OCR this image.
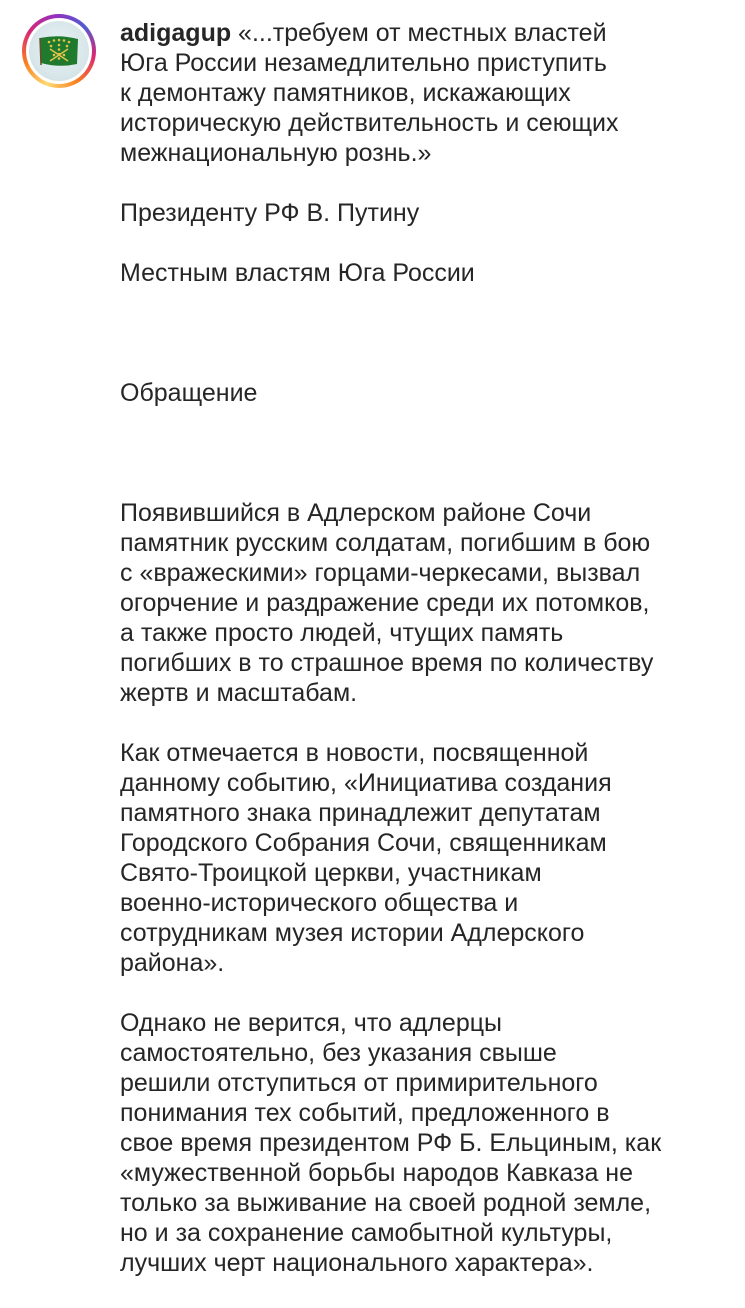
adigagup «...требуем от местных властей
Юга России незамедлительно приступить
к демонтажу памятников, искажающих
историческую действительность и сеющих
межнациональную рознь.»

Президенту РФ В. Путину

Местным властям Юга России

Обращение

Появившийся в Адлерском районе Сочи
памятник русским солдатам, погибшим в бою
с «вражескими» горцами-черкесами, вызвал
огорчение и раздражение среди их потомков,
а также просто людей, чтущих память
погибших в то страшное время по количеству
жертв и масштабам.

Как отмечается в новости, посвященной
данному событию, «Инициатива создания
памятного знака принадлежит депутатам
Городского Собрания Сочи, священникам
Свято-Троицкой церкви, участникам
военно-исторического общества и
сотрудникам музея истории Адлерского
района».

Однако не верится, что адлерцы
самостоятельно, без указания свыше
решили отступиться от примирительного
понимания тех событий, предложенного в
свое время президентом РФ Б. Ельциным, как
«мужественной борьбы народов Кавказа не
только за выживание на своей родной земле,
но и за сохранение самобытной культуры,
лучших черт национального характера».
